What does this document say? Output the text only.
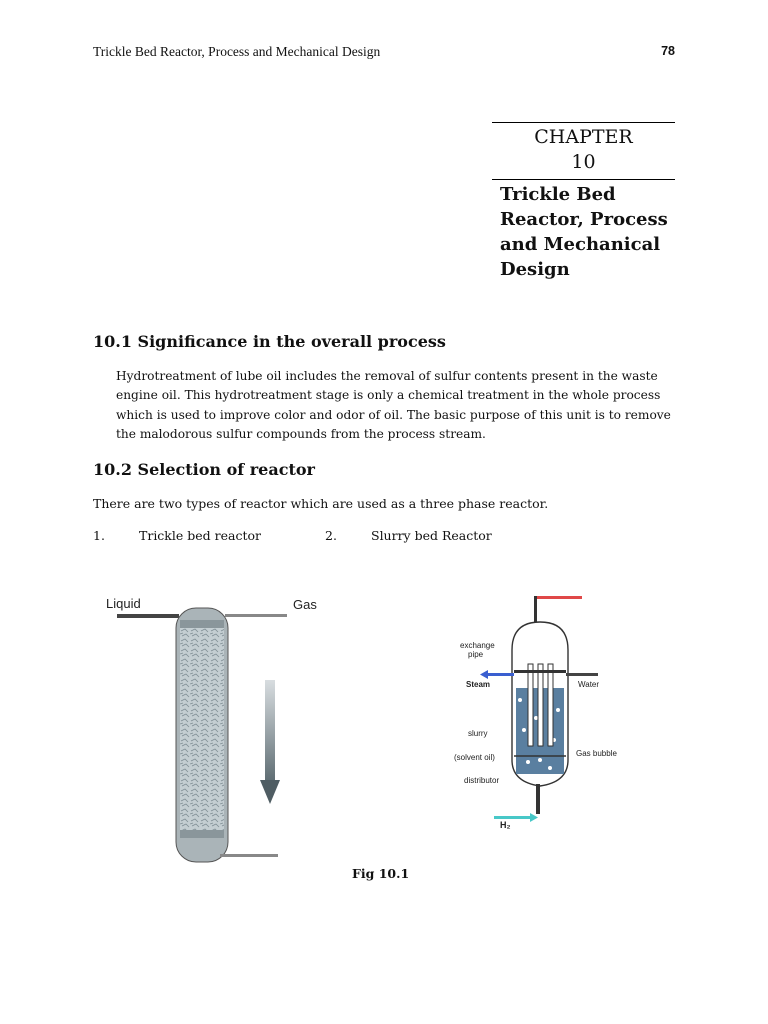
Trickle Bed Reactor, Process and Mechanical Design	78
CHAPTER
10
Trickle Bed
Reactor, Process
and Mechanical
Design
10.1 Significance in the overall process
Hydrotreatment of lube oil includes the removal of sulfur contents present in the waste
engine oil. This hydrotreatment stage is only a chemical treatment in the whole process
which is used to improve color and odor of oil. The basic purpose of this unit is to remove
the malodorous sulfur compounds from the process stream.
10.2 Selection of reactor
There are two types of reactor which are used as a three phase reactor.
1.	Trickle bed reactor	2.	Slurry bed Reactor
Liquid	Gas
exchange
pipe
Steam	Water
slurry
(solvent oil)
distributor
Gas bubble
H₂
Fig 10.1
